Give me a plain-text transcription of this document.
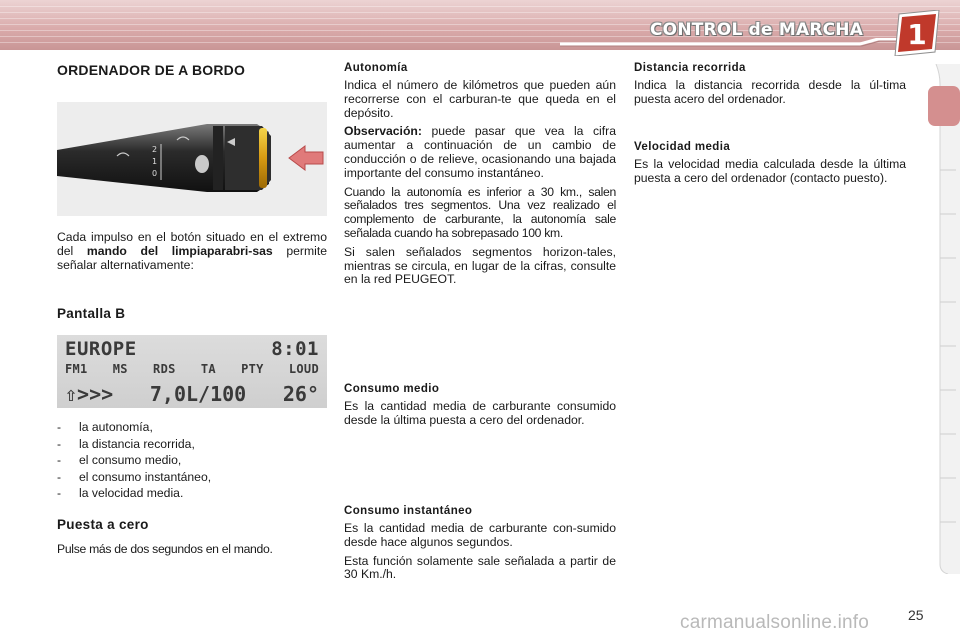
CONTROL de MARCHA 1
ORDENADOR DE A BORDO
2
1
0

Cada impulso en el botón situado en el extremo del mando del limpiaparabri-sas permite señalar alternativamente:

Pantalla B
EUROPE	8:01
FM1 MS RDS TA PTY LOUD
⇧>>> 7,0L/100 26°
- la autonomía,
- la distancia recorrida,
- el consumo medio,
- el consumo instantáneo,
- la velocidad media.
Puesta a cero

Pulse más de dos segundos en el mando.

Autonomía

Indica el número de kilómetros que pueden aún recorrerse con el carburan-te que queda en el depósito.

Observación: puede pasar que vea la cifra aumentar a continuación de un cambio de conducción o de relieve, ocasionando una bajada importante del consumo instantáneo.

Cuando la autonomía es inferior a 30 km., salen señalados tres segmentos. Una vez realizado el complemento de carburante, la autonomía sale señalada cuando ha sobrepasado 100 km.

Si salen señalados segmentos horizon-tales, mientras se circula, en lugar de la cifras, consulte en la red PEUGEOT.

Consumo medio

Es la cantidad media de carburante consumido desde la última puesta a cero del ordenador.

Consumo instantáneo

Es la cantidad media de carburante con-sumido desde hace algunos segundos.

Esta función solamente sale señalada a partir de 30 Km./h.

Distancia recorrida

Indica la distancia recorrida desde la úl-tima puesta acero del ordenador.

Velocidad media

Es la velocidad media calculada desde la última puesta a cero del ordenador (contacto puesto).

carmanualsonline.info	25
